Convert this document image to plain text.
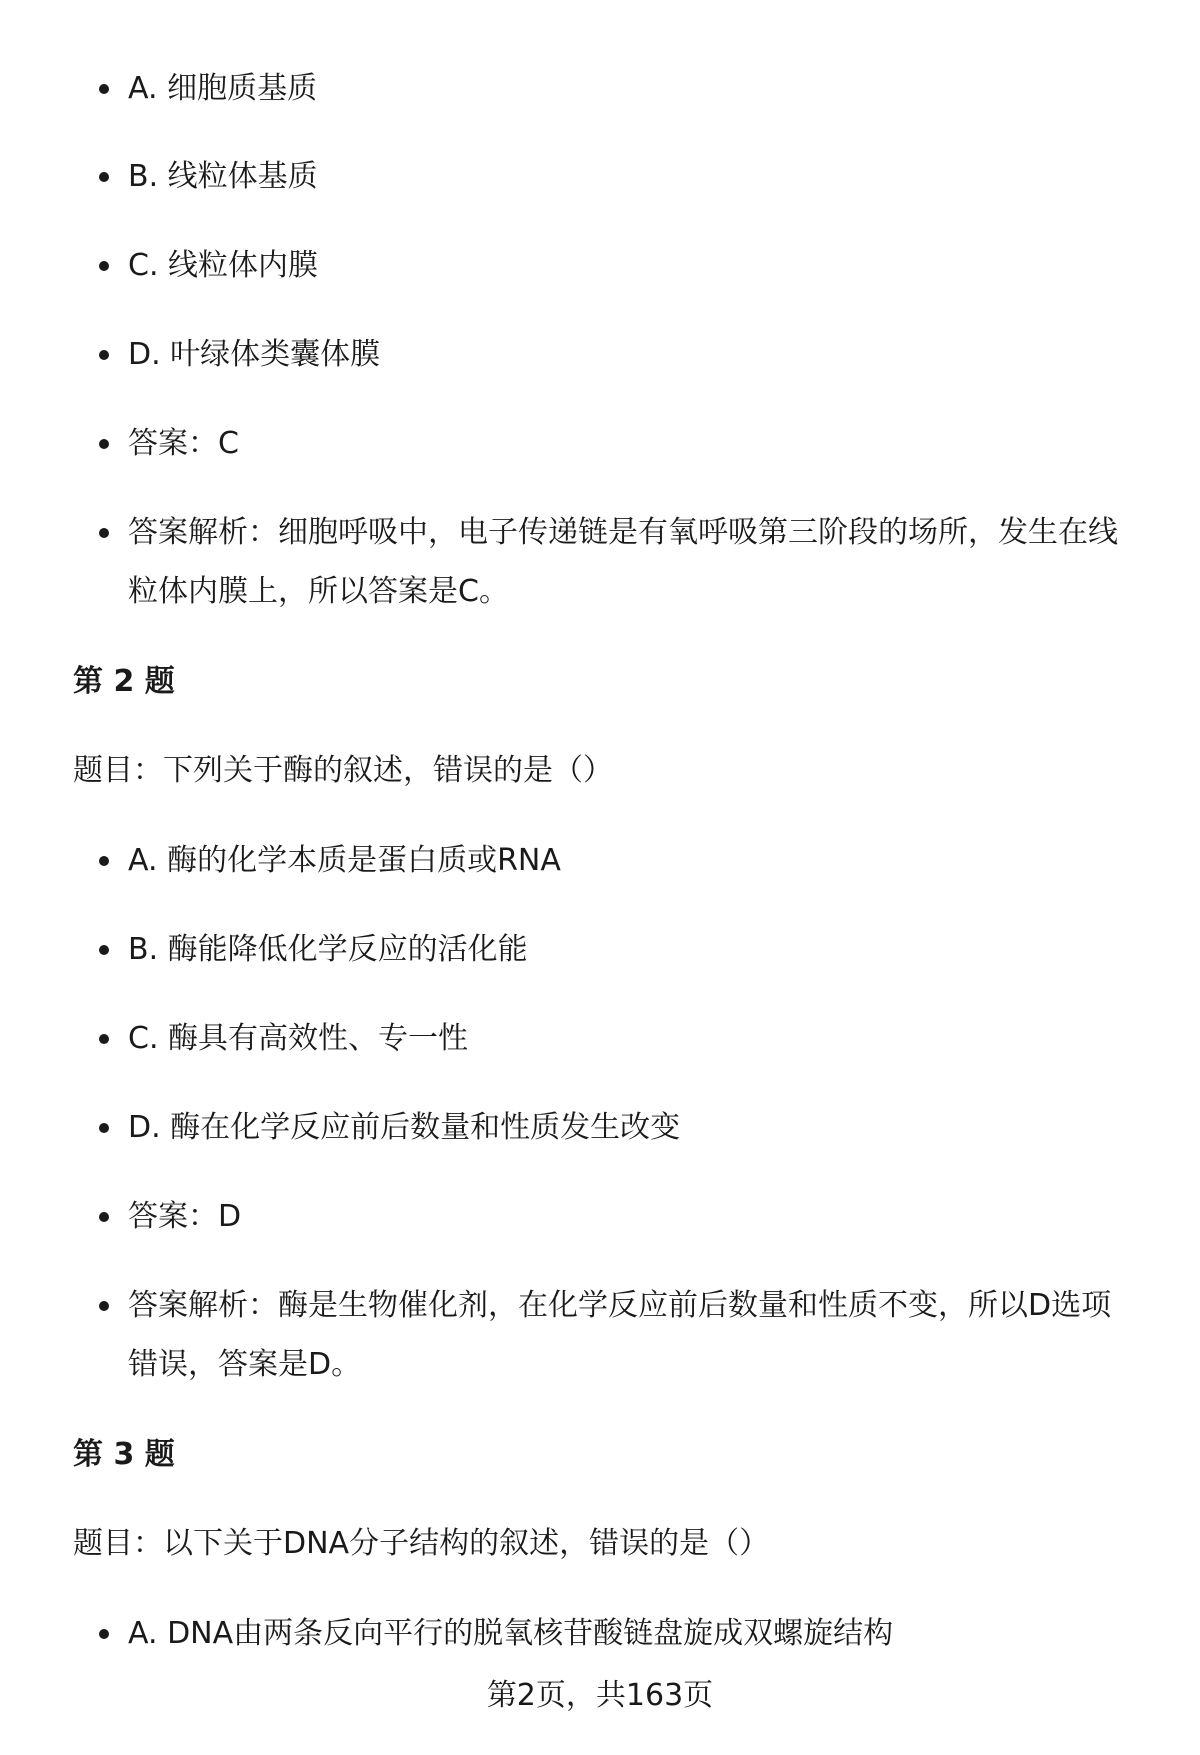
A. 细胞质基质
B. 线粒体基质
C. 线粒体内膜
D. 叶绿体类囊体膜
答案：C
答案解析：细胞呼吸中，电子传递链是有氧呼吸第三阶段的场所，发生在线粒体内膜上，所以答案是C。
第 2 题
题目：下列关于酶的叙述，错误的是（）
A. 酶的化学本质是蛋白质或RNA
B. 酶能降低化学反应的活化能
C. 酶具有高效性、专一性
D. 酶在化学反应前后数量和性质发生改变
答案：D
答案解析：酶是生物催化剂，在化学反应前后数量和性质不变，所以D选项错误，答案是D。
第 3 题
题目：以下关于DNA分子结构的叙述，错误的是（）
A. DNA由两条反向平行的脱氧核苷酸链盘旋成双螺旋结构
第2页，共163页
